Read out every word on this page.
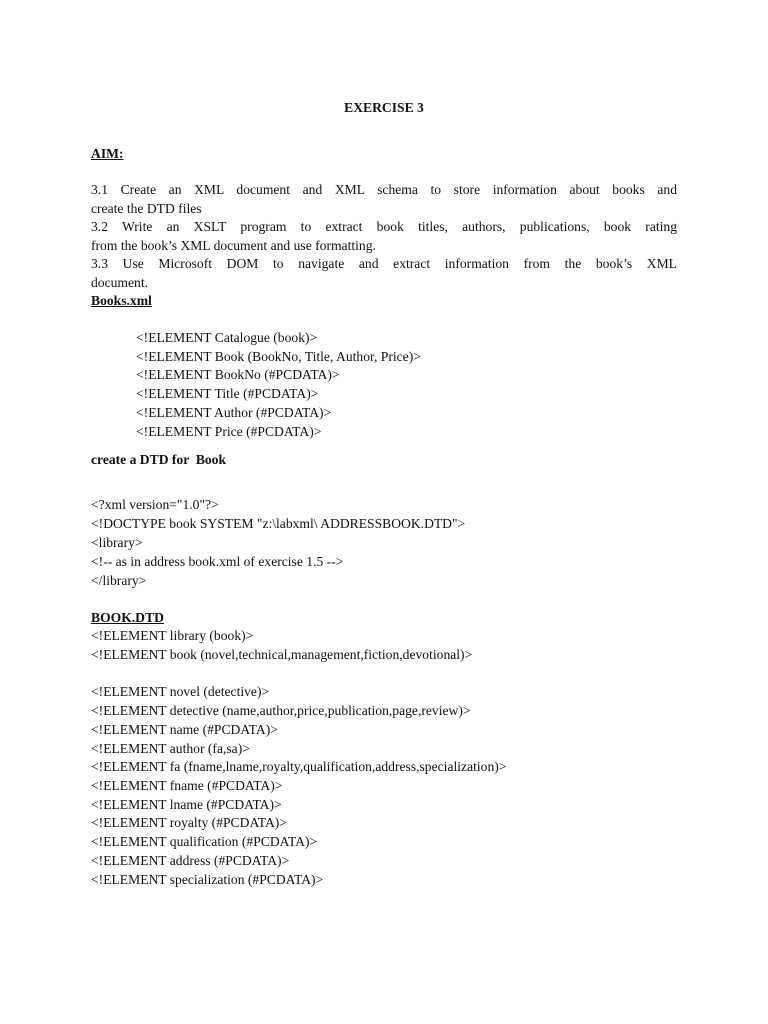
EXERCISE 3
AIM:
3.1 Create an XML document and XML schema to store information about books and
create the DTD files
3.2 Write an XSLT program to extract book titles, authors, publications, book rating
from the book’s XML document and use formatting.
3.3 Use Microsoft DOM to navigate and extract information from the book’s XML
document.
Books.xml
<!ELEMENT Catalogue (book)>
<!ELEMENT Book (BookNo, Title, Author, Price)>
<!ELEMENT BookNo (#PCDATA)>
<!ELEMENT Title (#PCDATA)>
<!ELEMENT Author (#PCDATA)>
<!ELEMENT Price (#PCDATA)>
create a DTD for  Book
<?xml version="1.0"?>
<!DOCTYPE book SYSTEM "z:\labxml\ ADDRESSBOOK.DTD">
<library>
<!-- as in address book.xml of exercise 1.5 -->
</library>
BOOK.DTD
<!ELEMENT library (book)>
<!ELEMENT book (novel,technical,management,fiction,devotional)>
<!ELEMENT novel (detective)>
<!ELEMENT detective (name,author,price,publication,page,review)>
<!ELEMENT name (#PCDATA)>
<!ELEMENT author (fa,sa)>
<!ELEMENT fa (fname,lname,royalty,qualification,address,specialization)>
<!ELEMENT fname (#PCDATA)>
<!ELEMENT lname (#PCDATA)>
<!ELEMENT royalty (#PCDATA)>
<!ELEMENT qualification (#PCDATA)>
<!ELEMENT address (#PCDATA)>
<!ELEMENT specialization (#PCDATA)>
